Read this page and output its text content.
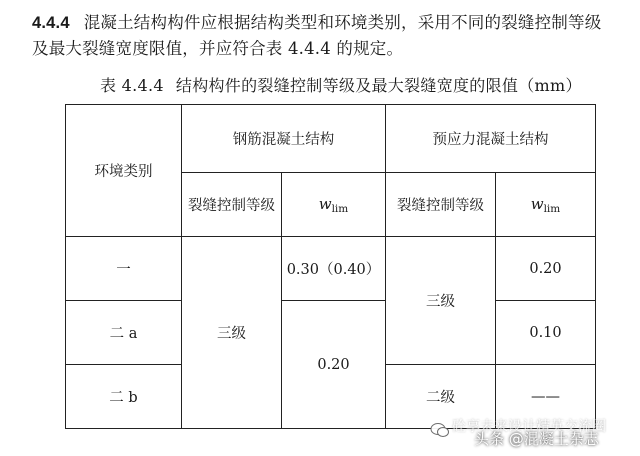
4.4.4 混凝土结构构件应根据结构类型和环境类别，采用不同的裂缝控制等级
及最大裂缝宽度限值，并应符合表 4.4.4 的规定。
表 4.4.4 结构构件的裂缝控制等级及最大裂缝宽度的限值（mm）
环境类别	钢筋混凝土结构		预应力混凝土结构	
	裂缝控制等级	$w_{lim}$	裂缝控制等级	$w_{lim}$
一	三级	0.30（0.40）	三级	0.20
二 a		0.20		0.10
二 b			二级	——
砼享未来设计精英交流圈
头条 @混凝土杂志
